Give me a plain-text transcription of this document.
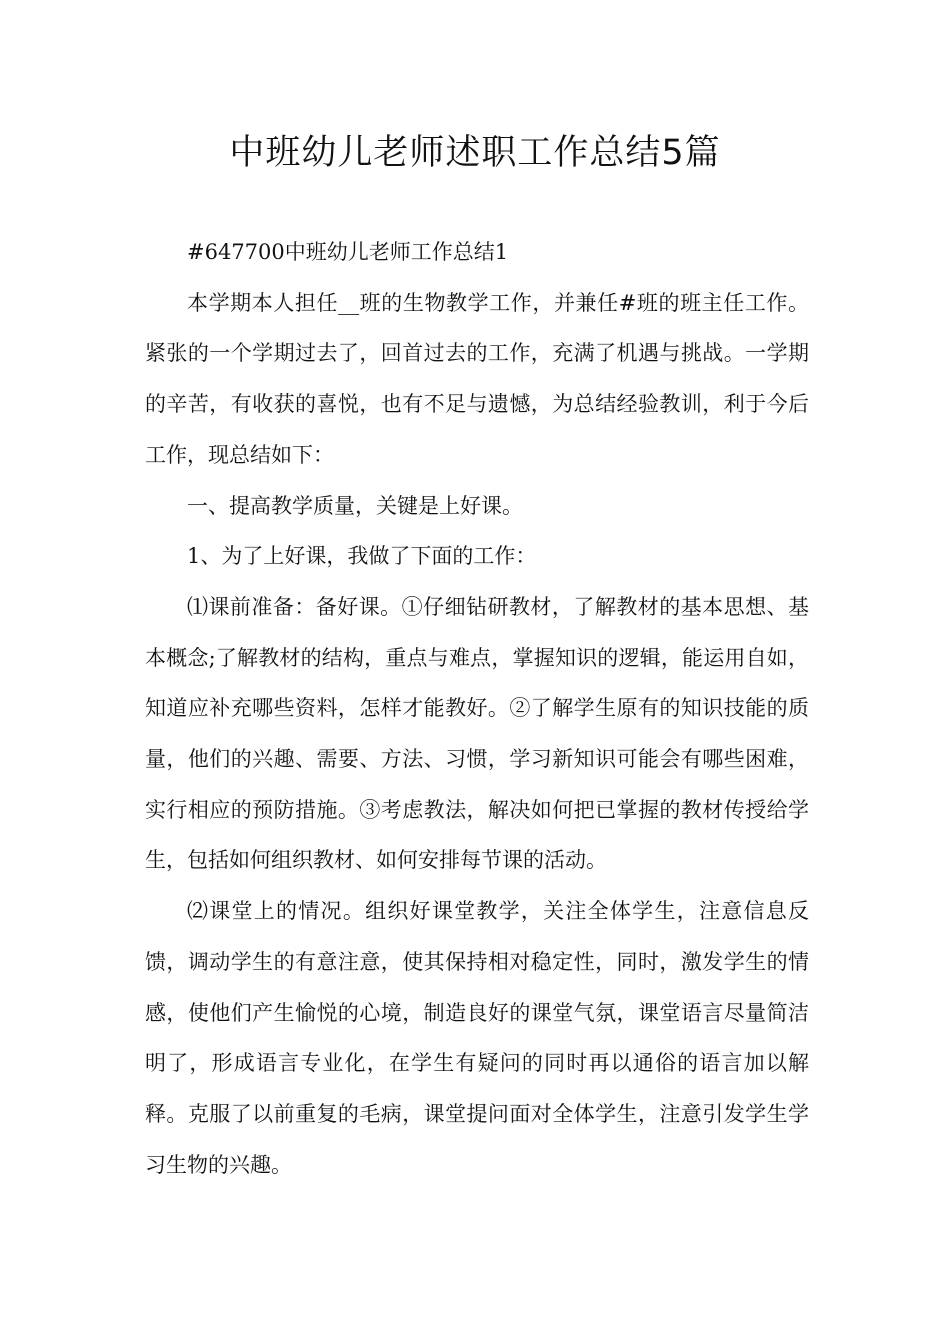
中班幼儿老师述职工作总结5篇

#647700中班幼儿老师工作总结1

本学期本人担任__班的生物教学工作，并兼任#班的班主任工作。紧张的一个学期过去了，回首过去的工作，充满了机遇与挑战。一学期的辛苦，有收获的喜悦，也有不足与遗憾，为总结经验教训，利于今后工作，现总结如下：

一、提高教学质量，关键是上好课。

1、为了上好课，我做了下面的工作：

⑴课前准备：备好课。①仔细钻研教材，了解教材的基本思想、基本概念;了解教材的结构，重点与难点，掌握知识的逻辑，能运用自如，知道应补充哪些资料，怎样才能教好。②了解学生原有的知识技能的质量，他们的兴趣、需要、方法、习惯，学习新知识可能会有哪些困难，实行相应的预防措施。③考虑教法，解决如何把已掌握的教材传授给学生，包括如何组织教材、如何安排每节课的活动。

⑵课堂上的情况。组织好课堂教学，关注全体学生，注意信息反馈，调动学生的有意注意，使其保持相对稳定性，同时，激发学生的情感，使他们产生愉悦的心境，制造良好的课堂气氛，课堂语言尽量简洁明了，形成语言专业化，在学生有疑问的同时再以通俗的语言加以解释。克服了以前重复的毛病，课堂提问面对全体学生，注意引发学生学习生物的兴趣。
